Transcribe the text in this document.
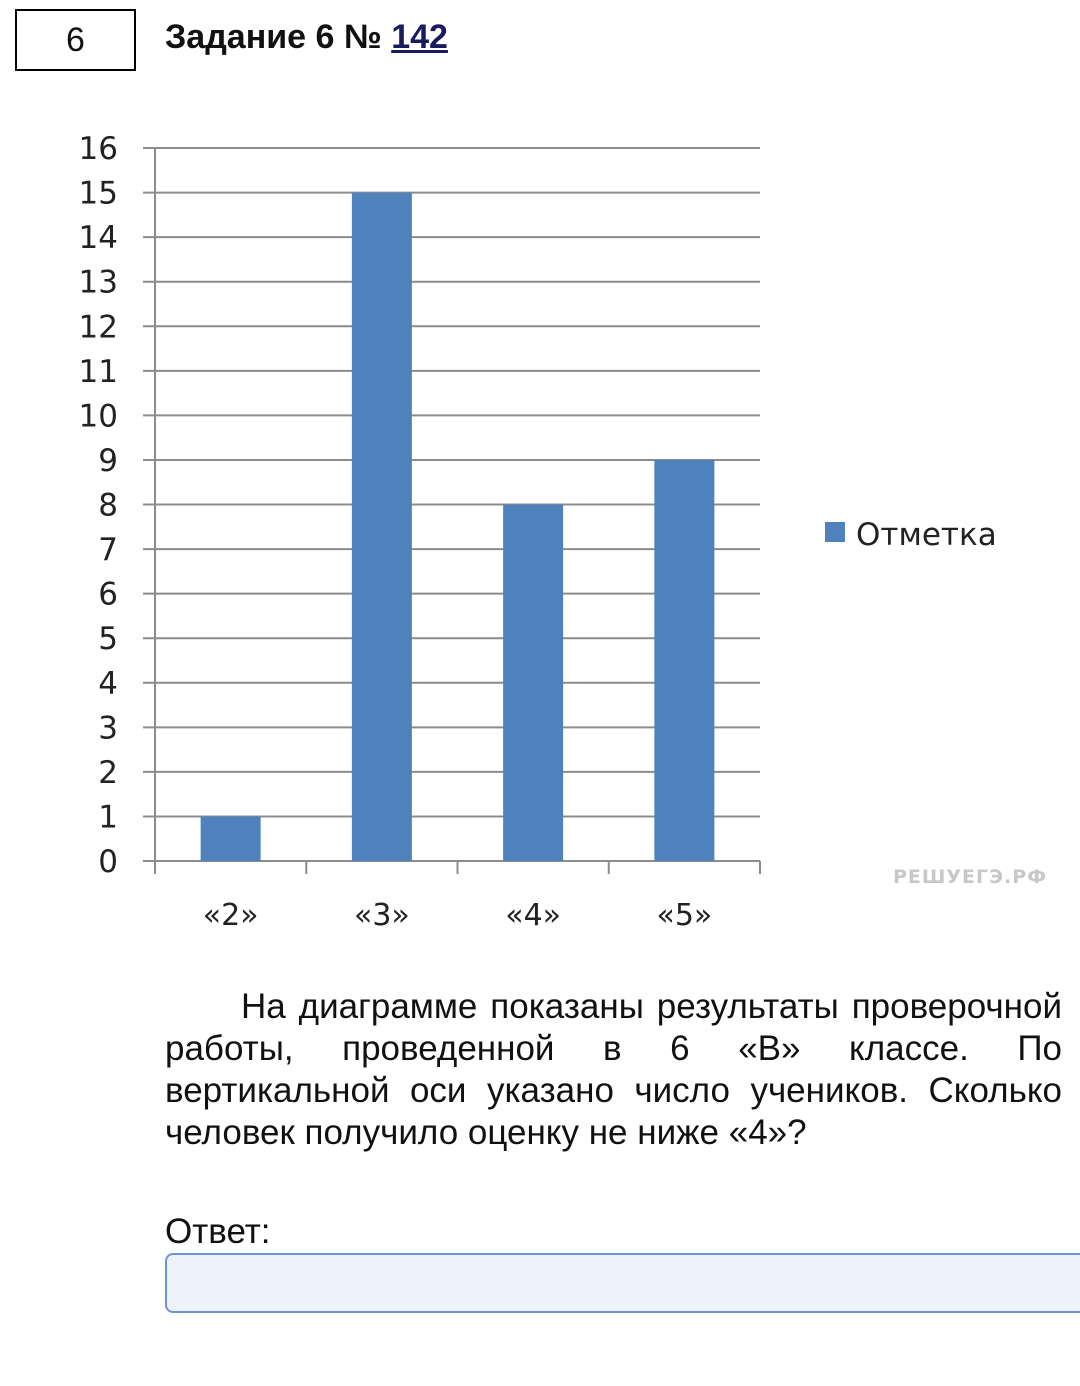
6 Задание 6 № 142
0
1
2
3
4
5
6
7
8
9
10
11
12
13
14
15
16
«2»	«3»	«4»	«5»
Отметка
РЕШУЕГЭ.РФ

На диаграмме показаны результаты проверочной работы, проведенной в 6 «В» классе. По вертикальной оси указано число учеников. Сколько человек получило оценку не ниже «4»?

Ответ:
